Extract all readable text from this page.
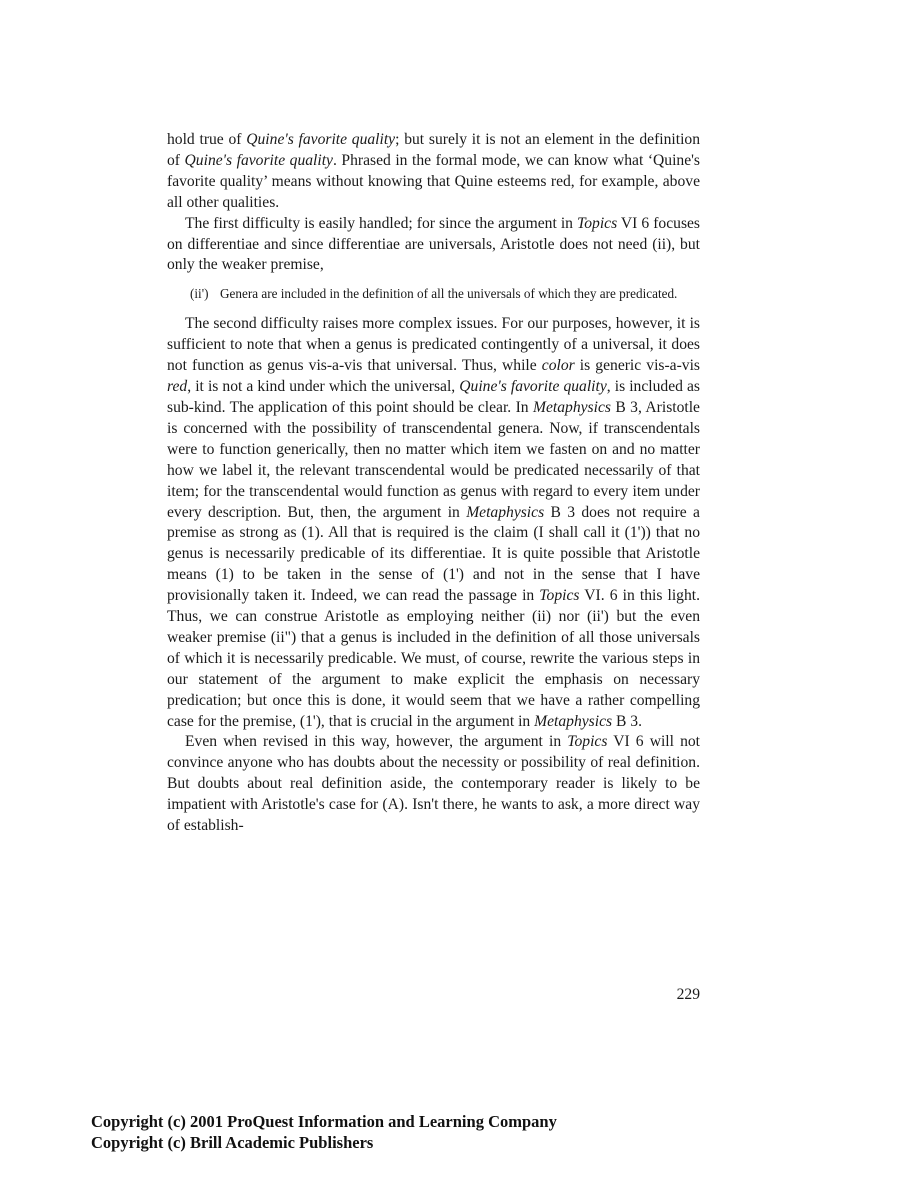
hold true of Quine's favorite quality; but surely it is not an element in the definition of Quine's favorite quality. Phrased in the formal mode, we can know what ‘Quine's favorite quality’ means without knowing that Quine esteems red, for example, above all other qualities.

The first difficulty is easily handled; for since the argument in Topics VI 6 focuses on differentiae and since differentiae are universals, Aristotle does not need (ii), but only the weaker premise,

(ii') Genera are included in the definition of all the universals of which they are predicated.

The second difficulty raises more complex issues. For our purposes, however, it is sufficient to note that when a genus is predicated contingently of a universal, it does not function as genus vis-a-vis that universal. Thus, while color is generic vis-a-vis red, it is not a kind under which the universal, Quine's favorite quality, is included as sub-kind. The application of this point should be clear. In Metaphysics B 3, Aristotle is concerned with the possibility of transcendental genera. Now, if transcendentals were to function generically, then no matter which item we fasten on and no matter how we label it, the relevant transcendental would be predicated necessarily of that item; for the transcendental would function as genus with regard to every item under every description. But, then, the argument in Metaphysics B 3 does not require a premise as strong as (1). All that is required is the claim (I shall call it (1')) that no genus is necessarily predicable of its differentiae. It is quite possible that Aristotle means (1) to be taken in the sense of (1') and not in the sense that I have provisionally taken it. Indeed, we can read the passage in Topics VI. 6 in this light. Thus, we can construe Aristotle as employing neither (ii) nor (ii') but the even weaker premise (ii") that a genus is included in the definition of all those universals of which it is necessarily predicable. We must, of course, rewrite the various steps in our statement of the argument to make explicit the emphasis on necessary predication; but once this is done, it would seem that we have a rather compelling case for the premise, (1'), that is crucial in the argument in Metaphysics B 3.

Even when revised in this way, however, the argument in Topics VI 6 will not convince anyone who has doubts about the necessity or possibility of real definition. But doubts about real definition aside, the contemporary reader is likely to be impatient with Aristotle's case for (A). Isn't there, he wants to ask, a more direct way of establish-

229
Copyright (c) 2001 ProQuest Information and Learning Company
Copyright (c) Brill Academic Publishers
